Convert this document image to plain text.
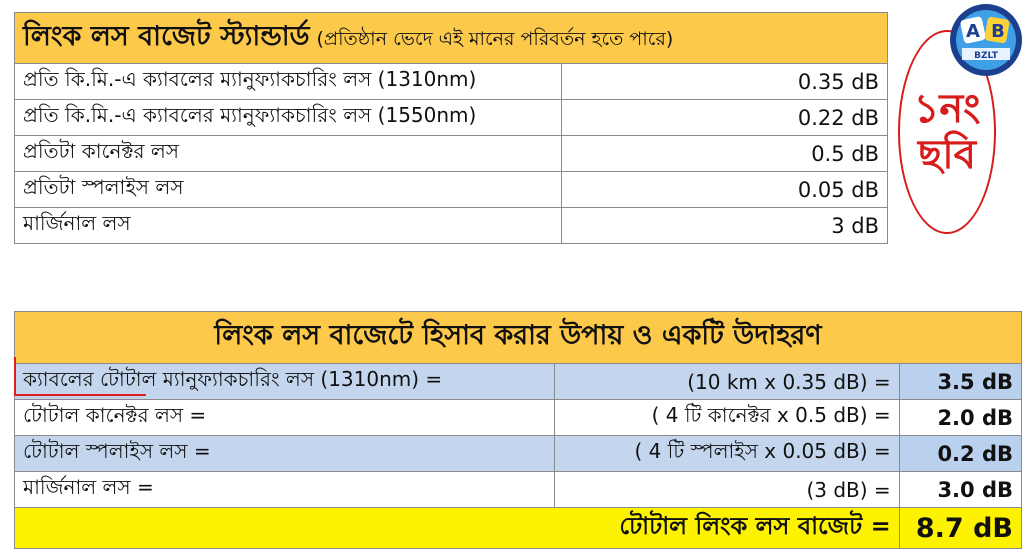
লিংক লস বাজেট স্ট্যান্ডার্ড (প্রতিষ্ঠান ভেদে এই মানের পরিবর্তন হতে পারে)	
প্রতি কি.মি.-এ ক্যাবলের ম্যানুফ্যাকচারিং লস (1310nm)	0.35 dB
প্রতি কি.মি.-এ ক্যাবলের ম্যানুফ্যাকচারিং লস (1550nm)	0.22 dB
প্রতিটা কানেক্টর লস	0.5 dB
প্রতিটা স্পলাইস লস	0.05 dB
মার্জিনাল লস	3 dB
১নং
ছবি
A B
BZLT
লিংক লস বাজেটে হিসাব করার উপায় ও একটি উদাহরণ		
ক্যাবলের টোটাল ম্যানুফ্যাকচারিং লস (1310nm) =	(10 km x 0.35 dB) =	3.5 dB
টোটাল কানেক্টর লস =	( 4 টি কানেক্টর x 0.5 dB) =	2.0 dB
টোটাল স্পলাইস লস =	( 4 টি স্পলাইস x 0.05 dB) =	0.2 dB
মার্জিনাল লস =	(3 dB) =	3.0 dB
টোটাল লিংক লস বাজেট =		8.7 dB
